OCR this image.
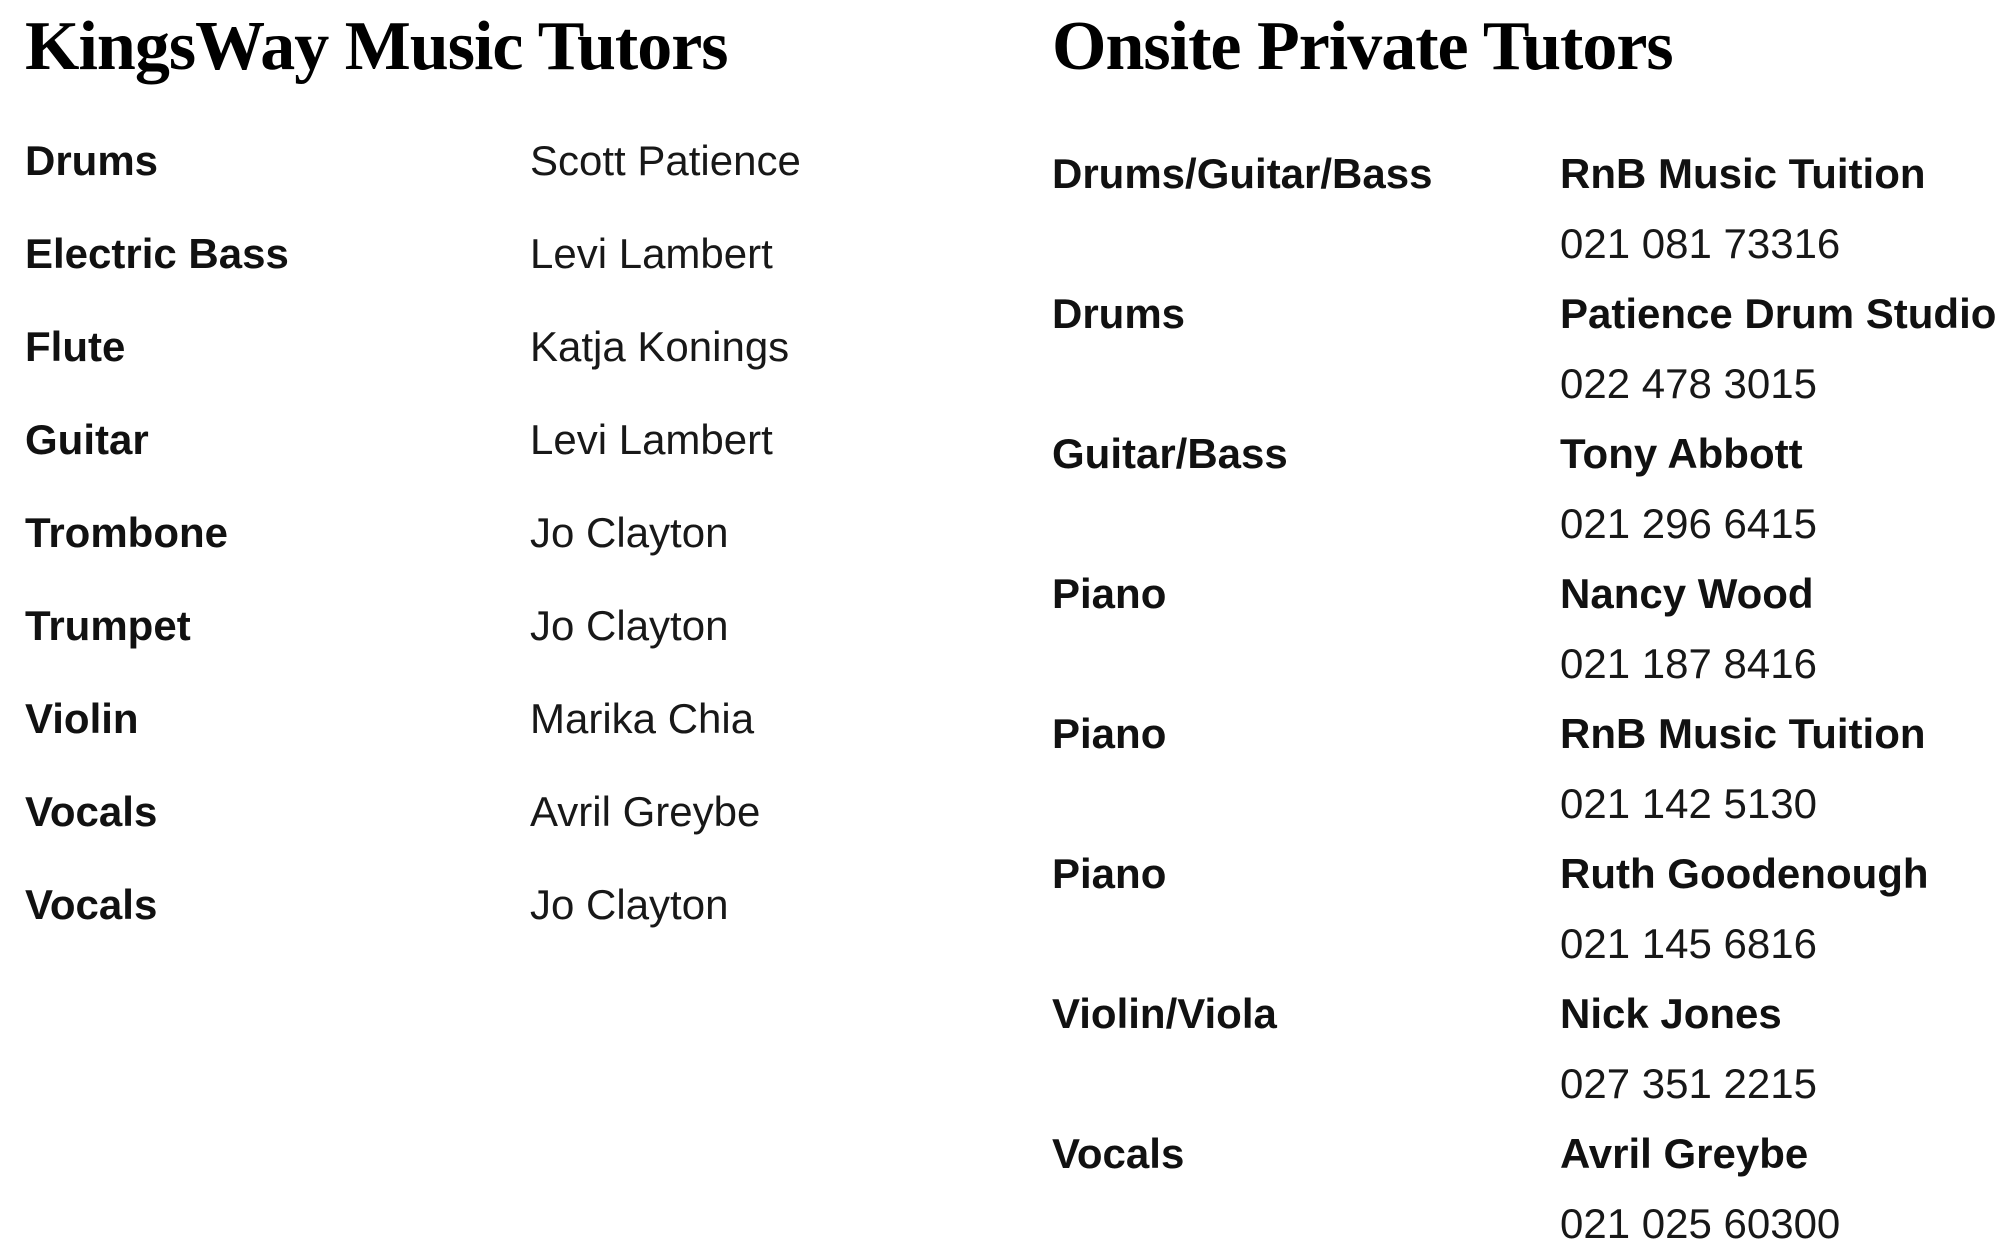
KingsWay Music Tutors
Drums	Scott Patience
Electric Bass	Levi Lambert
Flute	Katja Konings
Guitar	Levi Lambert
Trombone	Jo Clayton
Trumpet	Jo Clayton
Violin	Marika Chia
Vocals	Avril Greybe
Vocals	Jo Clayton
Onsite Private Tutors
Drums/Guitar/Bass	RnB Music Tuition
021 081 73316
Drums	Patience Drum Studio
022 478 3015
Guitar/Bass	Tony Abbott
021 296 6415
Piano	Nancy Wood
021 187 8416
Piano	RnB Music Tuition
021 142 5130
Piano	Ruth Goodenough
021 145 6816
Violin/Viola	Nick Jones
027 351 2215
Vocals	Avril Greybe
021 025 60300
